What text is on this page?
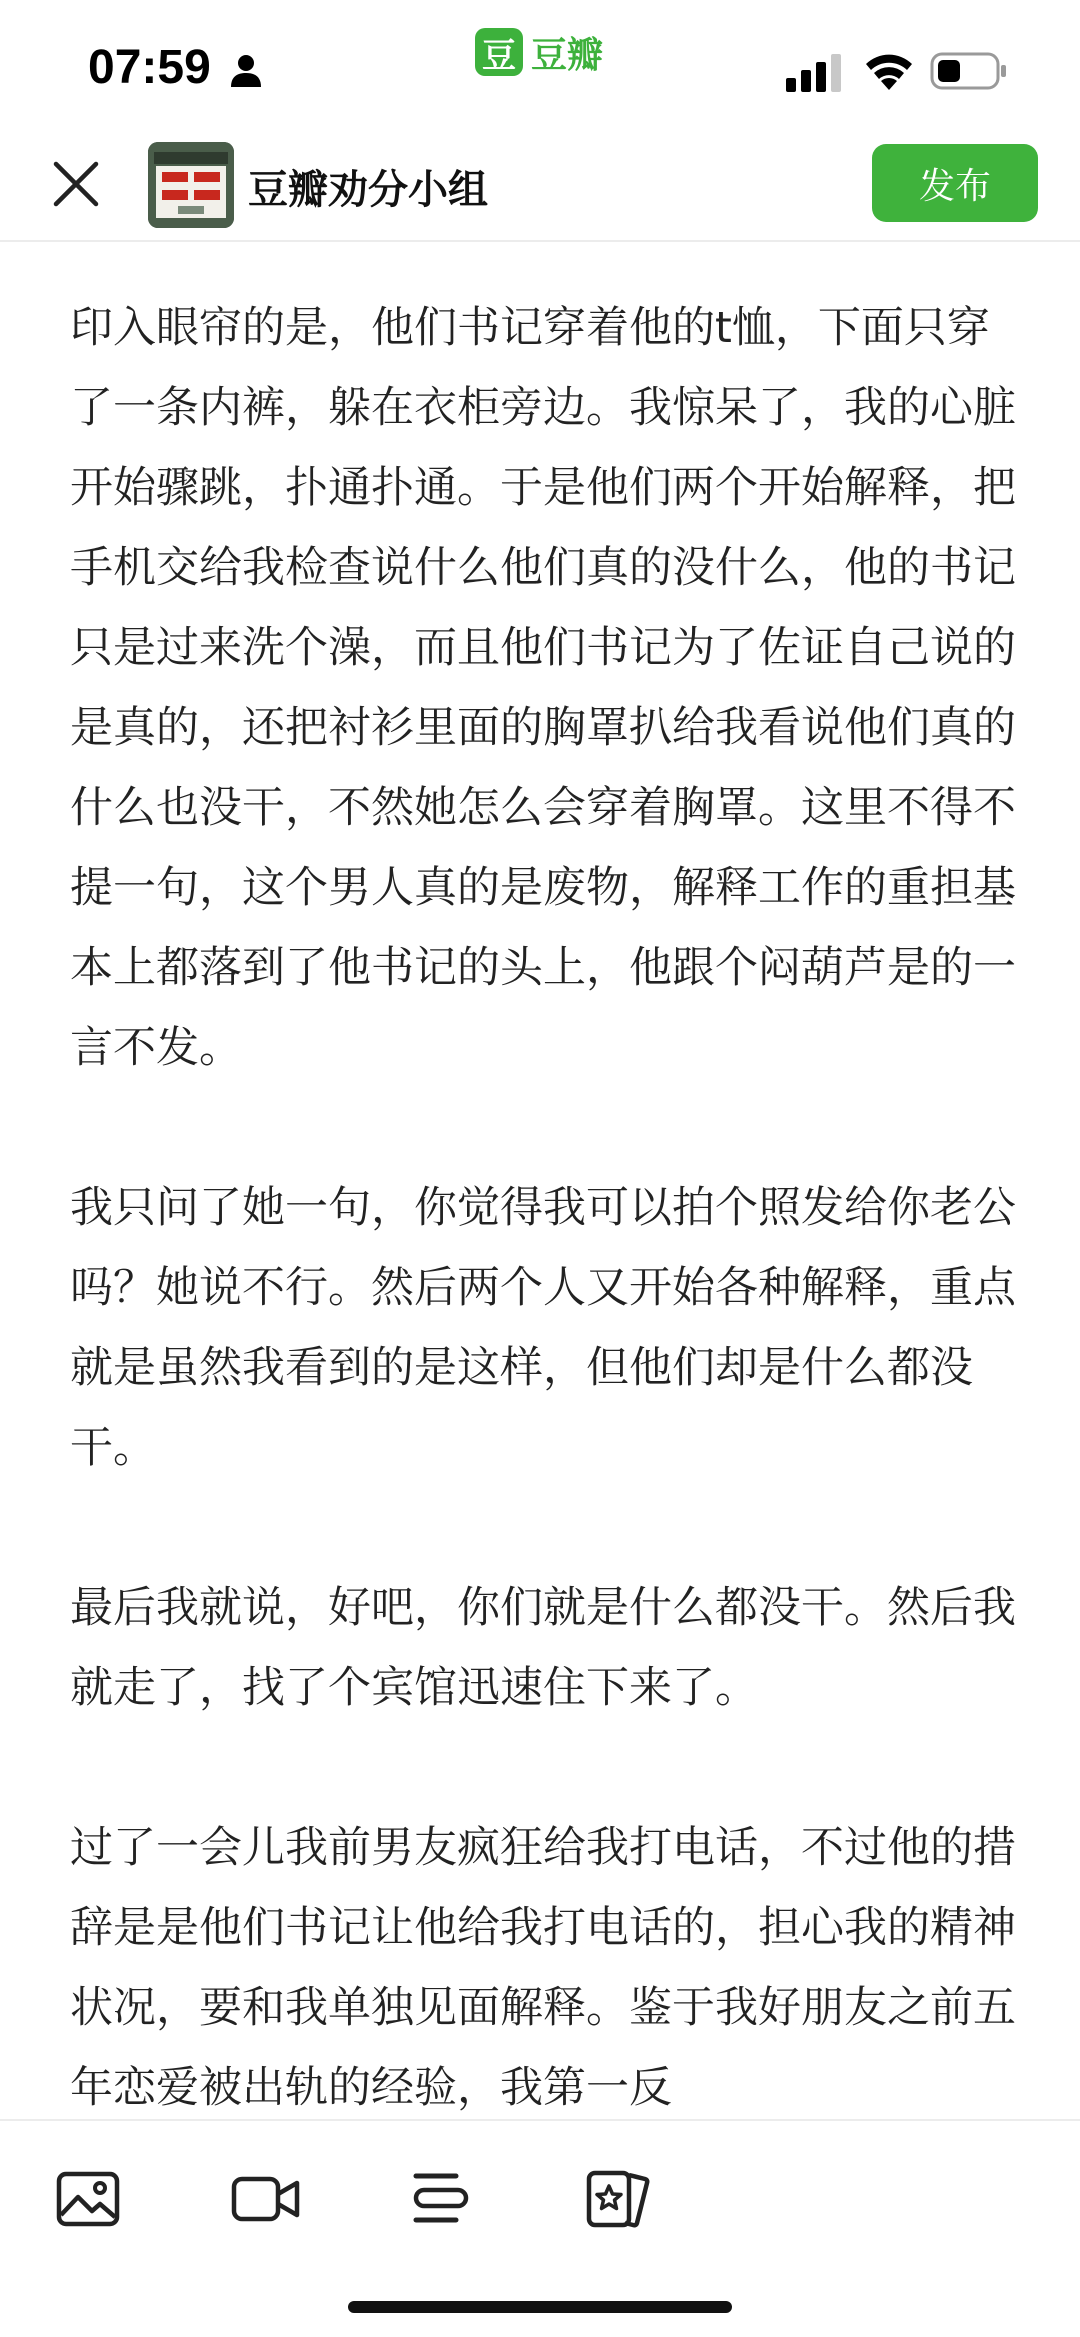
07:59	豆 豆瓣
豆瓣劝分小组	发布

印入眼帘的是，他们书记穿着他的t恤，下面只穿了一条内裤，躲在衣柜旁边。我惊呆了，我的心脏开始骤跳，扑通扑通。于是他们两个开始解释，把手机交给我检查说什么他们真的没什么，他的书记只是过来洗个澡，而且他们书记为了佐证自己说的是真的，还把衬衫里面的胸罩扒给我看说他们真的什么也没干，不然她怎么会穿着胸罩。这里不得不提一句，这个男人真的是废物，解释工作的重担基本上都落到了他书记的头上，他跟个闷葫芦是的一言不发。

我只问了她一句，你觉得我可以拍个照发给你老公吗？她说不行。然后两个人又开始各种解释，重点就是虽然我看到的是这样，但他们却是什么都没干。

最后我就说，好吧，你们就是什么都没干。然后我就走了，找了个宾馆迅速住下来了。

过了一会儿我前男友疯狂给我打电话，不过他的措辞是是他们书记让他给我打电话的，担心我的精神状况，要和我单独见面解释。鉴于我好朋友之前五年恋爱被出轨的经验，我第一反
